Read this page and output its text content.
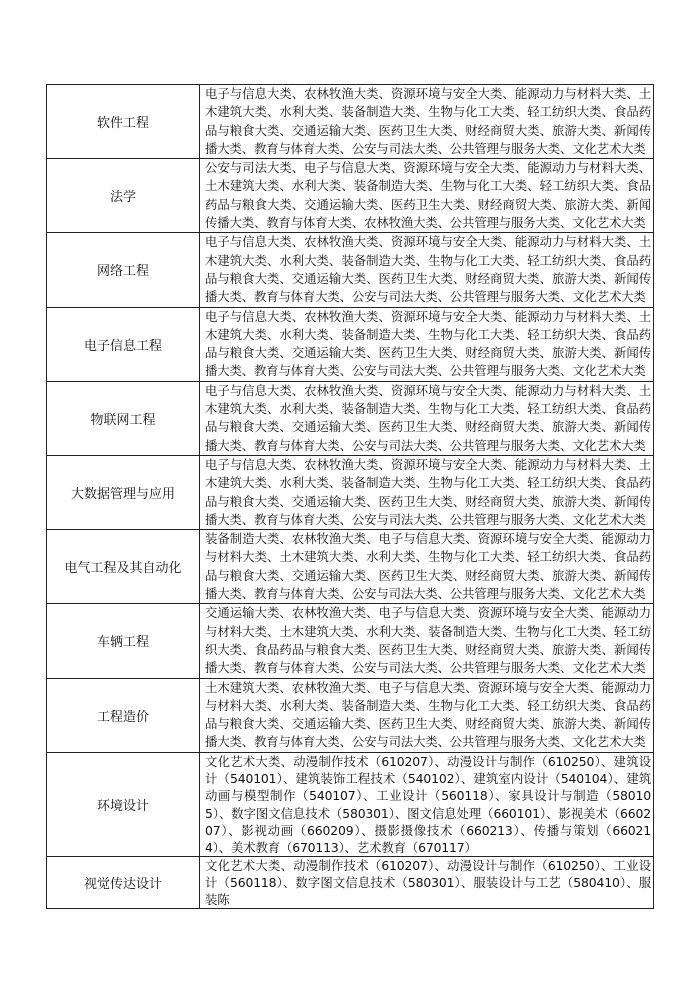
软件工程	电子与信息大类、农林牧渔大类、资源环境与安全大类、能源动力与材料大类、土木建筑大类、水利大类、装备制造大类、生物与化工大类、轻工纺织大类、食品药品与粮食大类、交通运输大类、医药卫生大类、财经商贸大类、旅游大类、新闻传播大类、教育与体育大类、公安与司法大类、公共管理与服务大类、文化艺术大类
法学	公安与司法大类、电子与信息大类、资源环境与安全大类、能源动力与材料大类、土木建筑大类、水利大类、装备制造大类、生物与化工大类、轻工纺织大类、食品药品与粮食大类、交通运输大类、医药卫生大类、财经商贸大类、旅游大类、新闻传播大类、教育与体育大类、农林牧渔大类、公共管理与服务大类、文化艺术大类
网络工程	电子与信息大类、农林牧渔大类、资源环境与安全大类、能源动力与材料大类、土木建筑大类、水利大类、装备制造大类、生物与化工大类、轻工纺织大类、食品药品与粮食大类、交通运输大类、医药卫生大类、财经商贸大类、旅游大类、新闻传播大类、教育与体育大类、公安与司法大类、公共管理与服务大类、文化艺术大类
电子信息工程	电子与信息大类、农林牧渔大类、资源环境与安全大类、能源动力与材料大类、土木建筑大类、水利大类、装备制造大类、生物与化工大类、轻工纺织大类、食品药品与粮食大类、交通运输大类、医药卫生大类、财经商贸大类、旅游大类、新闻传播大类、教育与体育大类、公安与司法大类、公共管理与服务大类、文化艺术大类
物联网工程	电子与信息大类、农林牧渔大类、资源环境与安全大类、能源动力与材料大类、土木建筑大类、水利大类、装备制造大类、生物与化工大类、轻工纺织大类、食品药品与粮食大类、交通运输大类、医药卫生大类、财经商贸大类、旅游大类、新闻传播大类、教育与体育大类、公安与司法大类、公共管理与服务大类、文化艺术大类
大数据管理与应用	电子与信息大类、农林牧渔大类、资源环境与安全大类、能源动力与材料大类、土木建筑大类、水利大类、装备制造大类、生物与化工大类、轻工纺织大类、食品药品与粮食大类、交通运输大类、医药卫生大类、财经商贸大类、旅游大类、新闻传播大类、教育与体育大类、公安与司法大类、公共管理与服务大类、文化艺术大类
电气工程及其自动化	装备制造大类、农林牧渔大类、电子与信息大类、资源环境与安全大类、能源动力与材料大类、土木建筑大类、水利大类、生物与化工大类、轻工纺织大类、食品药品与粮食大类、交通运输大类、医药卫生大类、财经商贸大类、旅游大类、新闻传播大类、教育与体育大类、公安与司法大类、公共管理与服务大类、文化艺术大类
车辆工程	交通运输大类、农林牧渔大类、电子与信息大类、资源环境与安全大类、能源动力与材料大类、土木建筑大类、水利大类、装备制造大类、生物与化工大类、轻工纺织大类、食品药品与粮食大类、医药卫生大类、财经商贸大类、旅游大类、新闻传播大类、教育与体育大类、公安与司法大类、公共管理与服务大类、文化艺术大类
工程造价	土木建筑大类、农林牧渔大类、电子与信息大类、资源环境与安全大类、能源动力与材料大类、水利大类、装备制造大类、生物与化工大类、轻工纺织大类、食品药品与粮食大类、交通运输大类、医药卫生大类、财经商贸大类、旅游大类、新闻传播大类、教育与体育大类、公安与司法大类、公共管理与服务大类、文化艺术大类
环境设计	文化艺术大类、动漫制作技术（610207）、动漫设计与制作（610250）、建筑设计（540101）、建筑装饰工程技术（540102）、建筑室内设计（540104）、建筑动画与模型制作（540107）、工业设计（560118）、家具设计与制造（580105）、数字图文信息技术（580301）、图文信息处理（660101）、影视美术（660207）、影视动画（660209）、摄影摄像技术（660213）、传播与策划（660214）、美术教育（670113）、艺术教育（670117）
视觉传达设计	文化艺术大类、动漫制作技术（610207）、动漫设计与制作（610250）、工业设计（560118）、数字图文信息技术（580301）、服装设计与工艺（580410）、服装陈
